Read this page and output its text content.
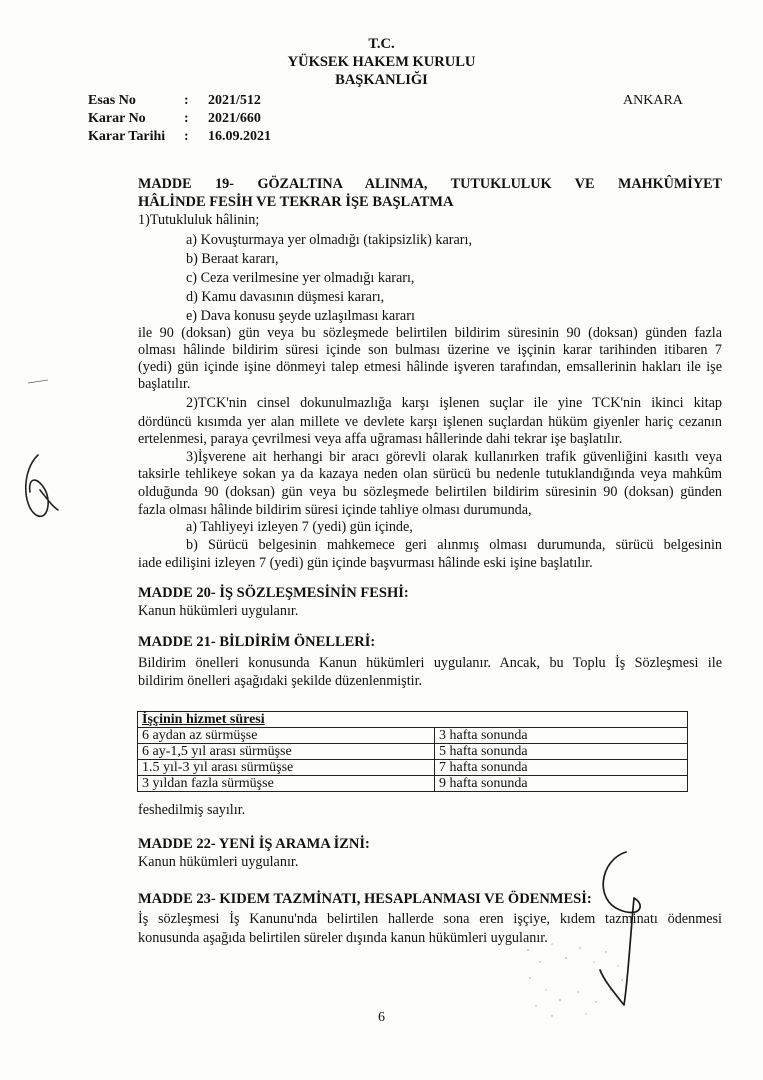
T.C.
YÜKSEK HAKEM KURULU
BAŞKANLIĞI
Esas No	: 2021/512	ANKARA
Karar No	: 2021/660
Karar Tarihi : 16.09.2021
MADDE 19- GÖZALTINA ALINMA, TUTUKLULUK VE MAHKÛMİYET
HÂLİNDE FESİH VE TEKRAR İŞE BAŞLATMA
1)Tutukluluk hâlinin;
a) Kovuşturmaya yer olmadığı (takipsizlik) kararı,
b) Beraat kararı,
c) Ceza verilmesine yer olmadığı kararı,
d) Kamu davasının düşmesi kararı,
e) Dava konusu şeyde uzlaşılması kararı
ile 90 (doksan) gün veya bu sözleşmede belirtilen bildirim süresinin 90 (doksan) günden fazla
olması hâlinde bildirim süresi içinde son bulması üzerine ve işçinin karar tarihinden itibaren 7
(yedi) gün içinde işine dönmeyi talep etmesi hâlinde işveren tarafından, emsallerinin hakları ile işe
başlatılır.
2)TCK'nin cinsel dokunulmazlığa karşı işlenen suçlar ile yine TCK'nin ikinci kitap
dördüncü kısımda yer alan millete ve devlete karşı işlenen suçlardan hüküm giyenler hariç cezanın
ertelenmesi, paraya çevrilmesi veya affa uğraması hâllerinde dahi tekrar işe başlatılır.
3)İşverene ait herhangi bir aracı görevli olarak kullanırken trafik güvenliğini kasıtlı veya
taksirle tehlikeye sokan ya da kazaya neden olan sürücü bu nedenle tutuklandığında veya mahkûm
olduğunda 90 (doksan) gün veya bu sözleşmede belirtilen bildirim süresinin 90 (doksan) günden
fazla olması hâlinde bildirim süresi içinde tahliye olması durumunda,
a) Tahliyeyi izleyen 7 (yedi) gün içinde,
b) Sürücü belgesinin mahkemece geri alınmış olması durumunda, sürücü belgesinin
iade edilişini izleyen 7 (yedi) gün içinde başvurması hâlinde eski işine başlatılır.
MADDE 20- İŞ SÖZLEŞMESİNİN FESHİ:
Kanun hükümleri uygulanır.
MADDE 21- BİLDİRİM ÖNELLERİ:
Bildirim önelleri konusunda Kanun hükümleri uygulanır. Ancak, bu Toplu İş Sözleşmesi ile
bildirim önelleri aşağıdaki şekilde düzenlenmiştir.
İşçinin hizmet süresi	
6 aydan az sürmüşse	3 hafta sonunda
6 ay-1,5 yıl arası sürmüşse	5 hafta sonunda
1.5 yıl-3 yıl arası sürmüşse	7 hafta sonunda
3 yıldan fazla sürmüşse	9 hafta sonunda
feshedilmiş sayılır.
MADDE 22- YENİ İŞ ARAMA İZNİ:
Kanun hükümleri uygulanır.
MADDE 23- KIDEM TAZMİNATI, HESAPLANMASI VE ÖDENMESİ:
İş sözleşmesi İş Kanunu'nda belirtilen hallerde sona eren işçiye, kıdem tazminatı ödenmesi
konusunda aşağıda belirtilen süreler dışında kanun hükümleri uygulanır.
6
